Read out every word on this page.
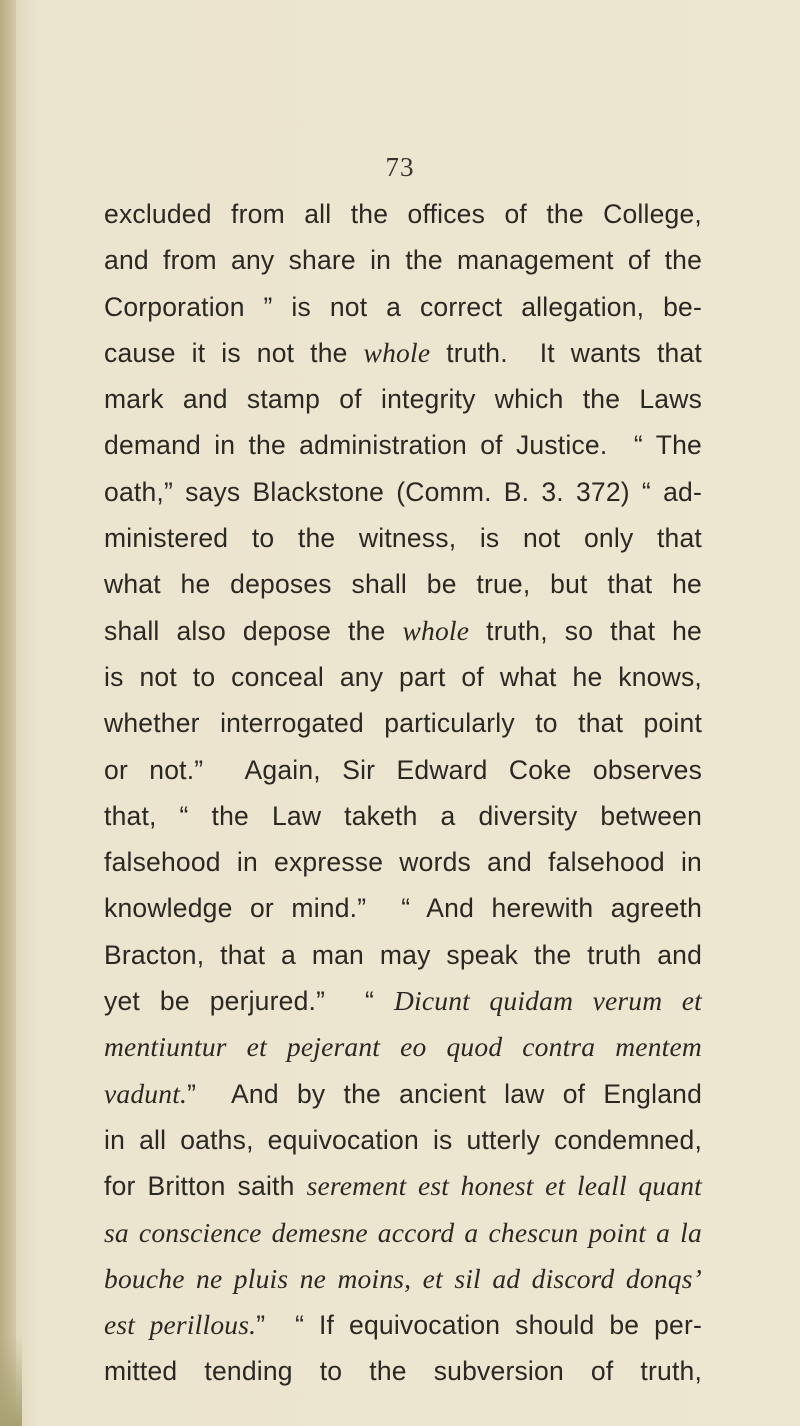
73
excluded from all the offices of the College,
and from any share in the management of the
Corporation ” is not a correct allegation, be-
cause it is not the whole truth.  It wants that
mark and stamp of integrity which the Laws
demand in the administration of Justice.  “ The
oath,” says Blackstone (Comm. B. 3. 372) “ ad-
ministered to the witness, is not only that
what he deposes shall be true, but that he
shall also depose the whole truth, so that he
is not to conceal any part of what he knows,
whether interrogated particularly to that point
or not.”  Again, Sir Edward Coke observes
that, “ the Law taketh a diversity between
falsehood in expresse words and falsehood in
knowledge or mind.”  “ And herewith agreeth
Bracton, that a man may speak the truth and
yet be perjured.”  “ Dicunt quidam verum et
mentiuntur et pejerant eo quod contra mentem
vadunt.”  And by the ancient law of England
in all oaths, equivocation is utterly condemned,
for Britton saith serement est honest et leall quant
sa conscience demesne accord a chescun point a la
bouche ne pluis ne moins, et sil ad discord donqs’
est perillous.”  “ If equivocation should be per-
mitted tending to the subversion of truth,
